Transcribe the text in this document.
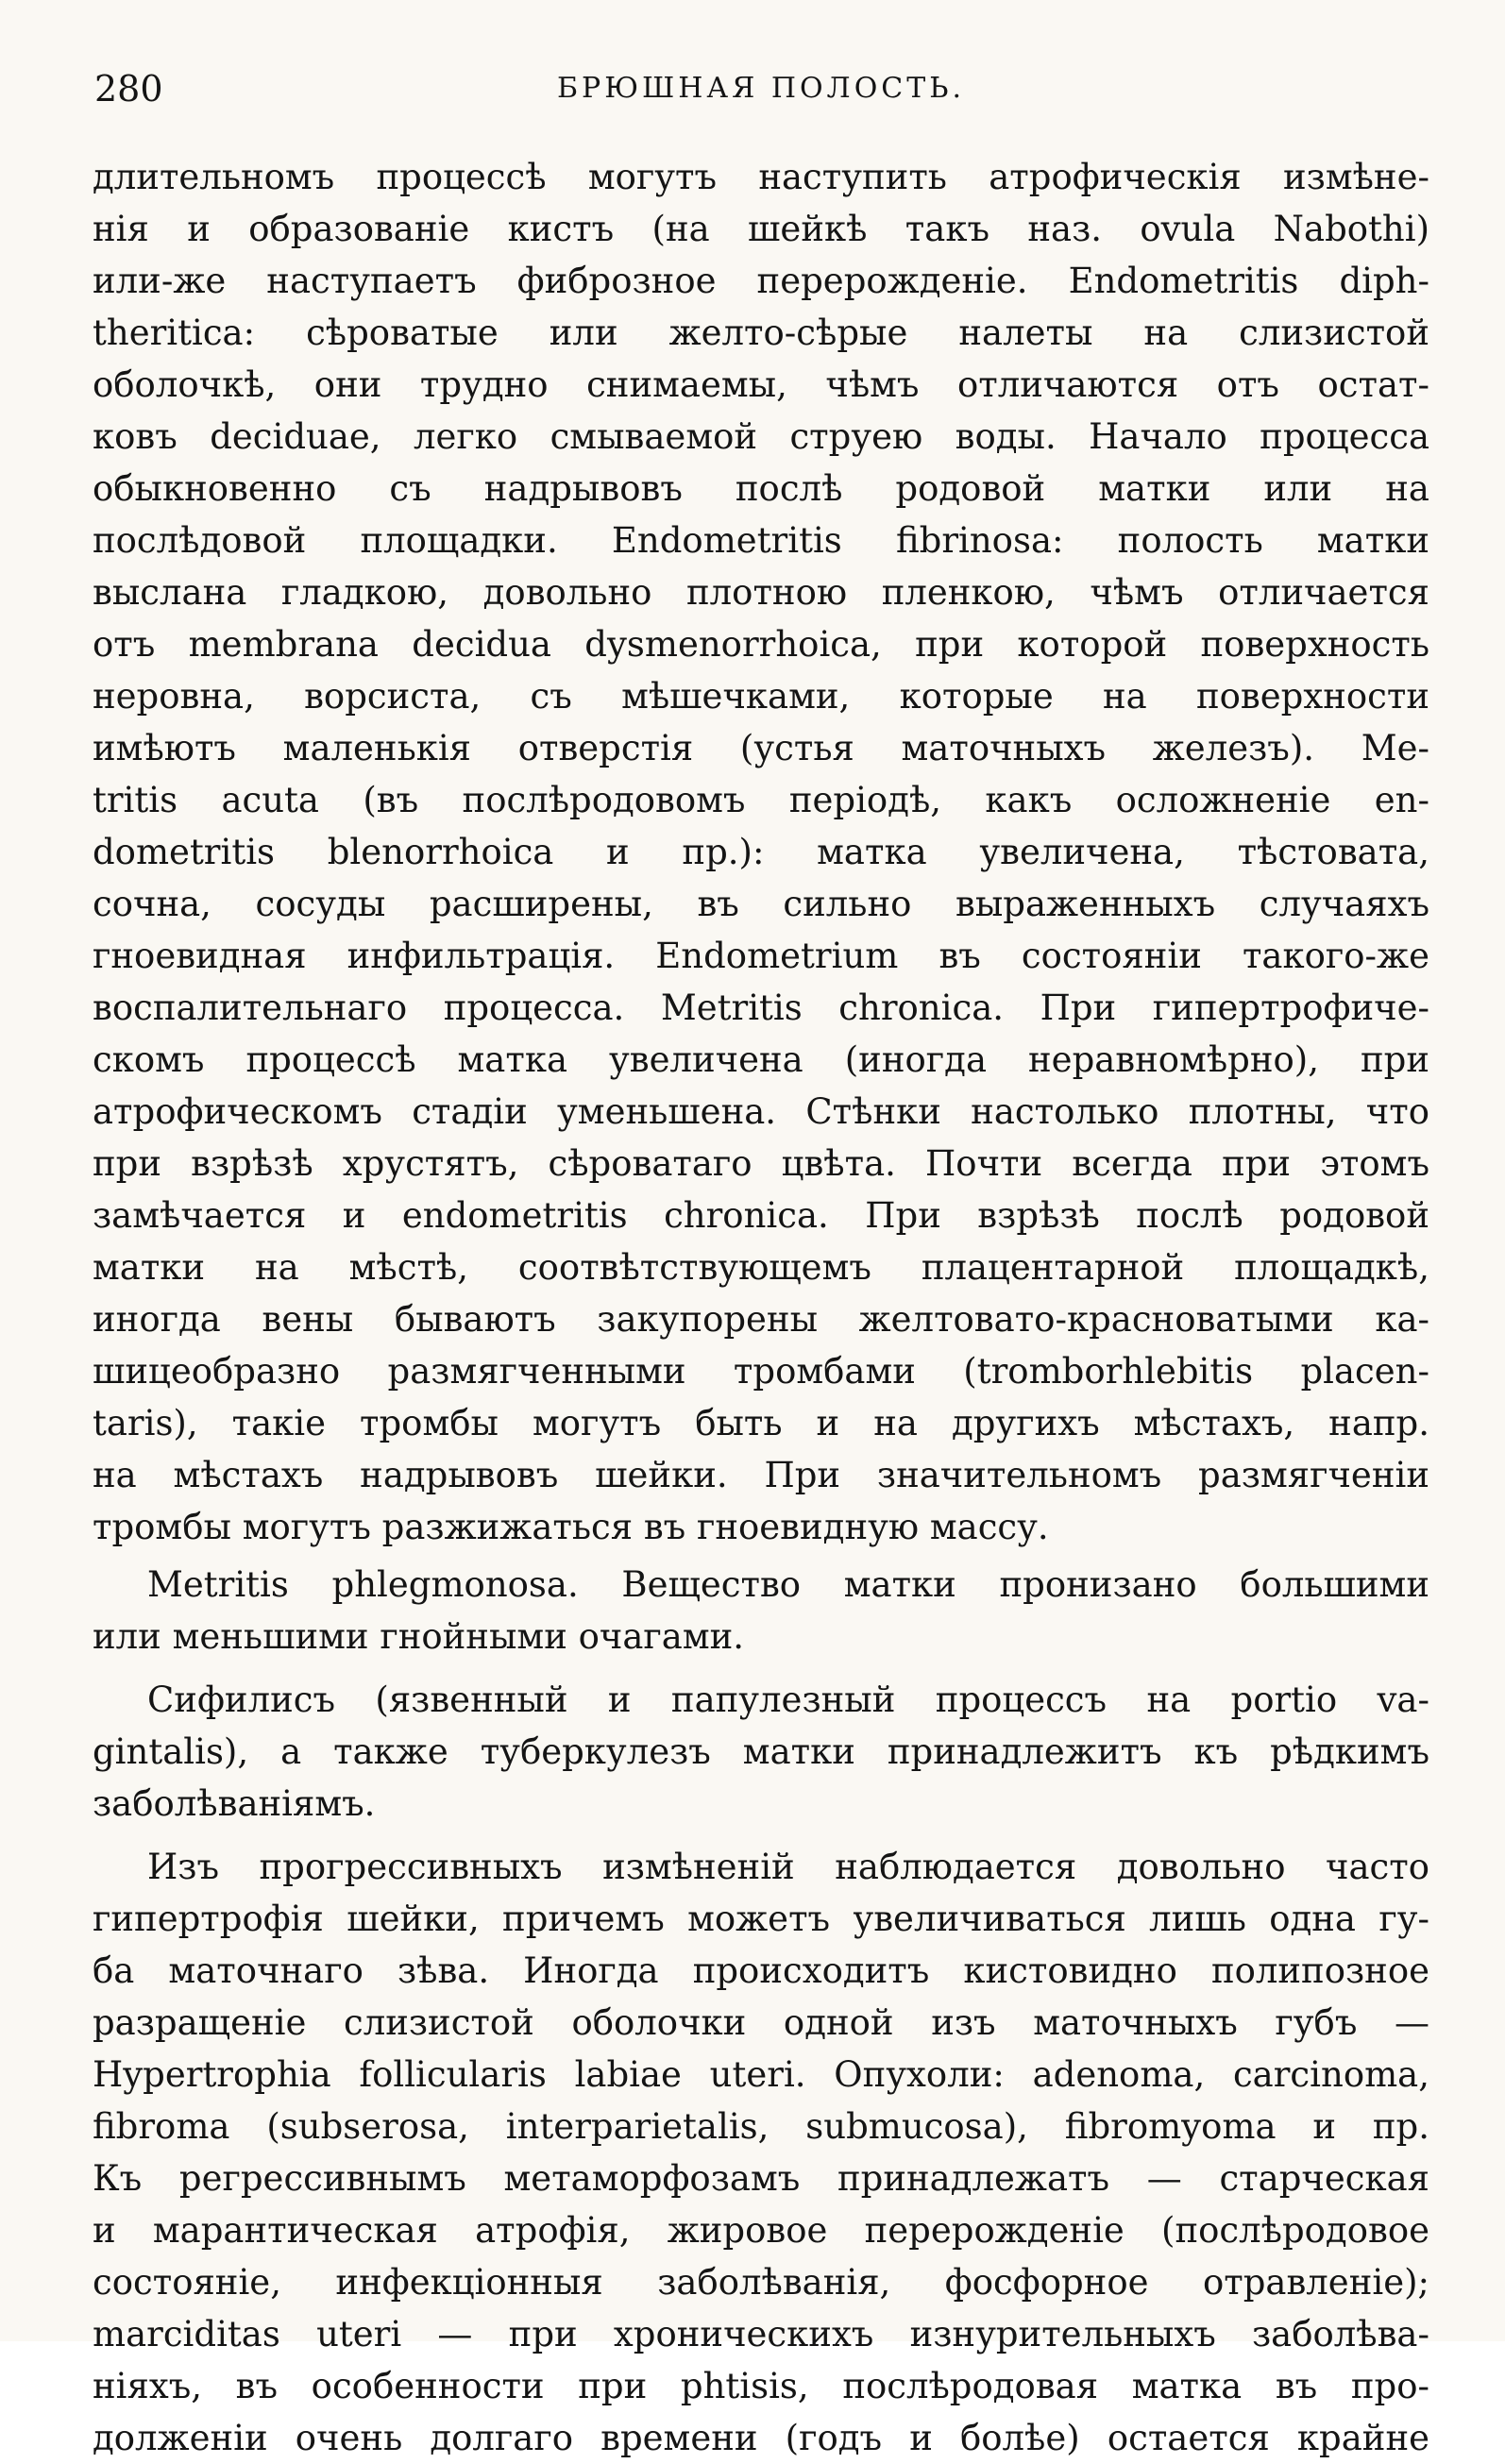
280	БРЮШНАЯ ПОЛОСТЬ.
длительномъ процессѣ могутъ наступить атрофическія измѣне-
нія и образованіе кистъ (на шейкѣ такъ наз. ovula Nabothi)
или-же наступаетъ фиброзное перерожденіе. Endometritis diph-
theritica: сѣроватые или желто-сѣрые налеты на слизистой
оболочкѣ, они трудно снимаемы, чѣмъ отличаются отъ остат-
ковъ deciduae, легко смываемой струею воды. Начало процесса
обыкновенно съ надрывовъ послѣ родовой матки или на
послѣдовой площадки. Endometritis fibrinosa: полость матки
выслана гладкою, довольно плотною пленкою, чѣмъ отличается
отъ membrana decidua dysmenorrhoica, при которой поверхность
неровна, ворсиста, съ мѣшечками, которые на поверхности
имѣютъ маленькія отверстія (устья маточныхъ железъ). Me-
tritis acuta (въ послѣродовомъ періодѣ, какъ осложненіе en-
dometritis blenorrhoica и пр.): матка увеличена, тѣстовата,
сочна, сосуды расширены, въ сильно выраженныхъ случаяхъ
гноевидная инфильтрація. Endometrium въ состояніи такого-же
воспалительнаго процесса. Metritis chronica. При гипертрофиче-
скомъ процессѣ матка увеличена (иногда неравномѣрно), при
атрофическомъ стадіи уменьшена. Стѣнки настолько плотны, что
при взрѣзѣ хрустятъ, сѣроватаго цвѣта. Почти всегда при этомъ
замѣчается и endometritis chronica. При взрѣзѣ послѣ родовой
матки на мѣстѣ, соотвѣтствующемъ плацентарной площадкѣ,
иногда вены бываютъ закупорены желтовато-красноватыми ка-
шицеобразно размягченными тромбами (tromborhlebitis placen-
taris), такіе тромбы могутъ быть и на другихъ мѣстахъ, напр.
на мѣстахъ надрывовъ шейки. При значительномъ размягченіи
тромбы могутъ разжижаться въ гноевидную массу.
Metritis phlegmonosa. Вещество матки пронизано большими
или меньшими гнойными очагами.
Сифилисъ (язвенный и папулезный процессъ на portio va-
gintalis), а также туберкулезъ матки принадлежитъ къ рѣдкимъ
заболѣваніямъ.
Изъ прогрессивныхъ измѣненій наблюдается довольно часто
гипертрофія шейки, причемъ можетъ увеличиваться лишь одна гу-
ба маточнаго зѣва. Иногда происходитъ кистовидно полипозное
разращеніе слизистой оболочки одной изъ маточныхъ губъ —
Hypertrophia follicularis labiae uteri. Опухоли: adenoma, carcinoma,
fibroma (subserosa, interparietalis, submucosa), fibromyoma и пр.
Къ регрессивнымъ метаморфозамъ принадлежатъ — старческая
и марантическая атрофія, жировое перерожденіе (послѣродовое
состояніе, инфекціонныя заболѣванія, фосфорное отравленіе);
marciditas uteri — при хроническихъ изнурительныхъ заболѣва-
ніяхъ, въ особенности при phtisis, послѣродовая матка въ про-
долженіи очень долгаго времени (годъ и болѣе) остается крайне
